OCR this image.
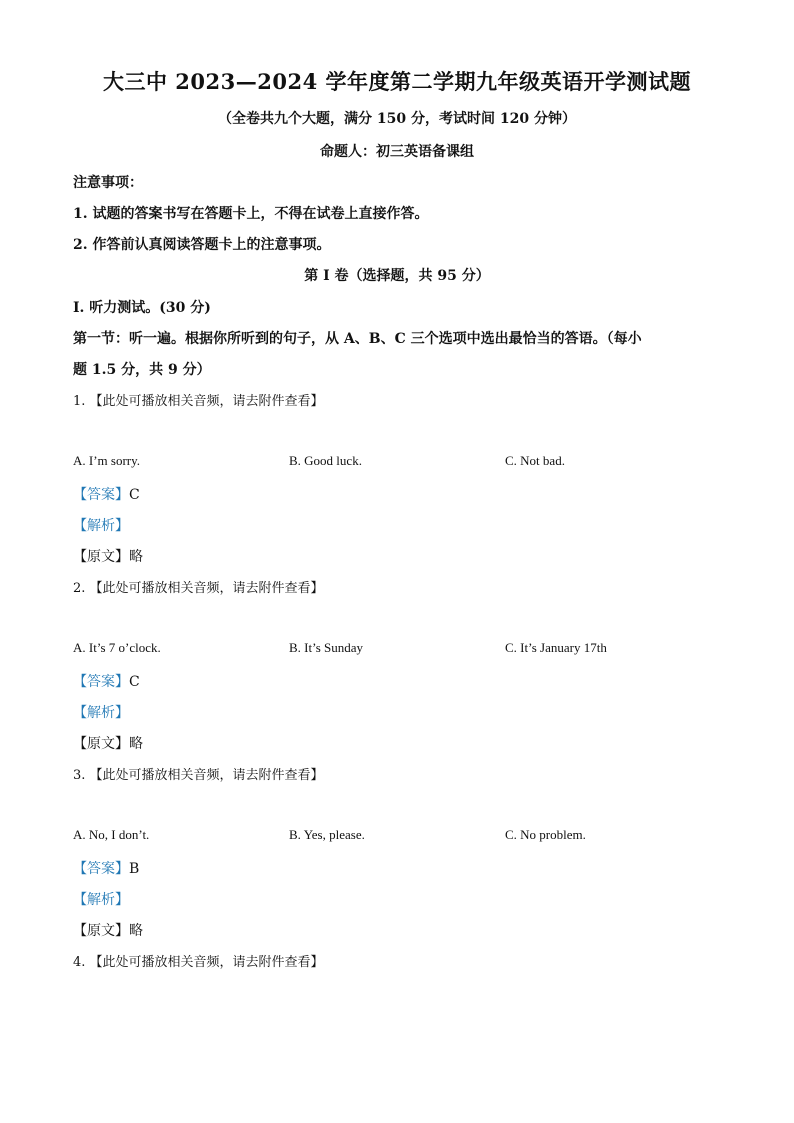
大三中 2023—2024 学年度第二学期九年级英语开学测试题
（全卷共九个大题，满分 150 分，考试时间 120 分钟）
命题人：初三英语备课组
注意事项：
1. 试题的答案书写在答题卡上，不得在试卷上直接作答。
2. 作答前认真阅读答题卡上的注意事项。
第 I 卷（选择题，共 95 分）
Ⅰ. 听力测试。(30 分)
第一节：听一遍。根据你所听到的句子，从 A、B、C 三个选项中选出最恰当的答语。（每小
题 1.5 分，共 9 分）
1. 【此处可播放相关音频，请去附件查看】
A. I’m sorry.	B. Good luck.	C. Not bad.
【答案】C
【解析】
【原文】略
2. 【此处可播放相关音频，请去附件查看】
A. It’s 7 o’clock.	B. It’s Sunday	C. It’s January 17th
【答案】C
【解析】
【原文】略
3. 【此处可播放相关音频，请去附件查看】
A. No, I don’t.	B. Yes, please.	C. No problem.
【答案】B
【解析】
【原文】略
4. 【此处可播放相关音频，请去附件查看】
